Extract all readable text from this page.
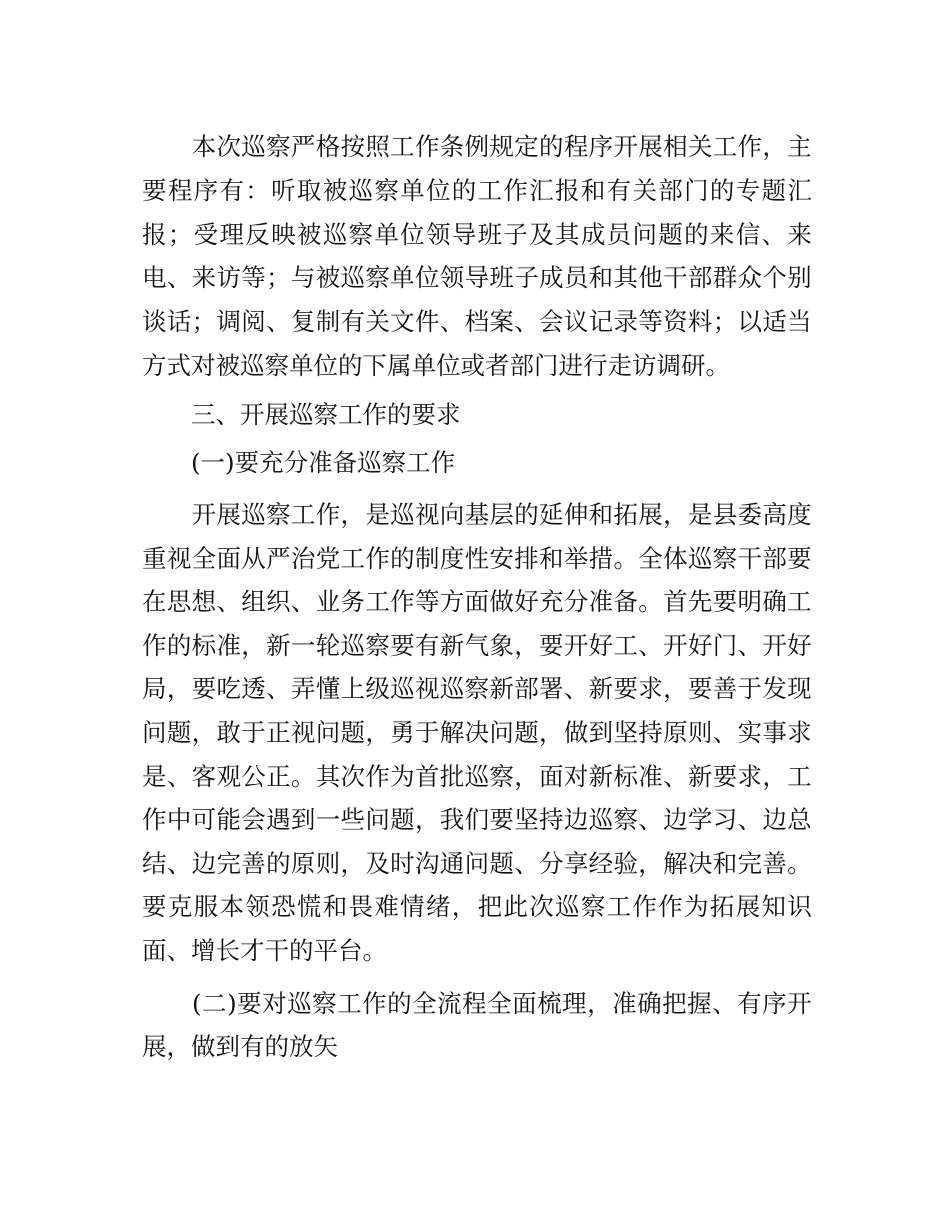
本 次 巡 察 严 格 按 照 工 作 条 例 规 定 的 程 序 开 展 相 关 工 作 ， 主
要 程 序 有 ： 听 取 被 巡 察 单 位 的 工 作 汇 报 和 有 关 部 门 的 专 题 汇
报 ； 受 理 反 映 被 巡 察 单 位 领 导 班 子 及 其 成 员 问 题 的 来 信 、 来
电 、 来 访 等 ； 与 被 巡 察 单 位 领 导 班 子 成 员 和 其 他 干 部 群 众 个 别
谈 话 ； 调 阅 、 复 制 有 关 文 件 、 档 案 、 会 议 记 录 等 资 料 ； 以 适 当
方式对被巡察单位的下属单位或者部门进行走访调研。
　　三、开展巡察工作的要求
　　(一)要充分准备巡察工作

开 展 巡 察 工 作 ， 是 巡 视 向 基 层 的 延 伸 和 拓 展 ， 是 县 委 高 度
重 视 全 面 从 严 治 党 工 作 的 制 度 性 安 排 和 举 措 。 全 体 巡 察 干 部 要
在 思 想 、 组 织 、 业 务 工 作 等 方 面 做 好 充 分 准 备 。 首 先 要 明 确 工
作 的 标 准 ， 新 一 轮 巡 察 要 有 新 气 象 ， 要 开 好 工 、 开 好 门 、 开 好
局 ， 要 吃 透 、 弄 懂 上 级 巡 视 巡 察 新 部 署 、 新 要 求 ， 要 善 于 发 现
问 题 ， 敢 于 正 视 问 题 ， 勇 于 解 决 问 题 ， 做 到 坚 持 原 则 、 实 事 求
是 、 客 观 公 正 。 其 次 作 为 首 批 巡 察 ， 面 对 新 标 准 、 新 要 求 ， 工
作 中 可 能 会 遇 到 一 些 问 题 ， 我 们 要 坚 持 边 巡 察 、 边 学 习 、 边 总
结 、 边 完 善 的 原 则 ， 及 时 沟 通 问 题 、 分 享 经 验 ， 解 决 和 完 善 。
要 克 服 本 领 恐 慌 和 畏 难 情 绪 ， 把 此 次 巡 察 工 作 作 为 拓 展 知 识
面、增长才干的平台。

( 二 ) 要 对 巡 察 工 作 的 全 流 程 全 面 梳 理 ， 准 确 把 握 、 有 序 开
展，做到有的放矢
